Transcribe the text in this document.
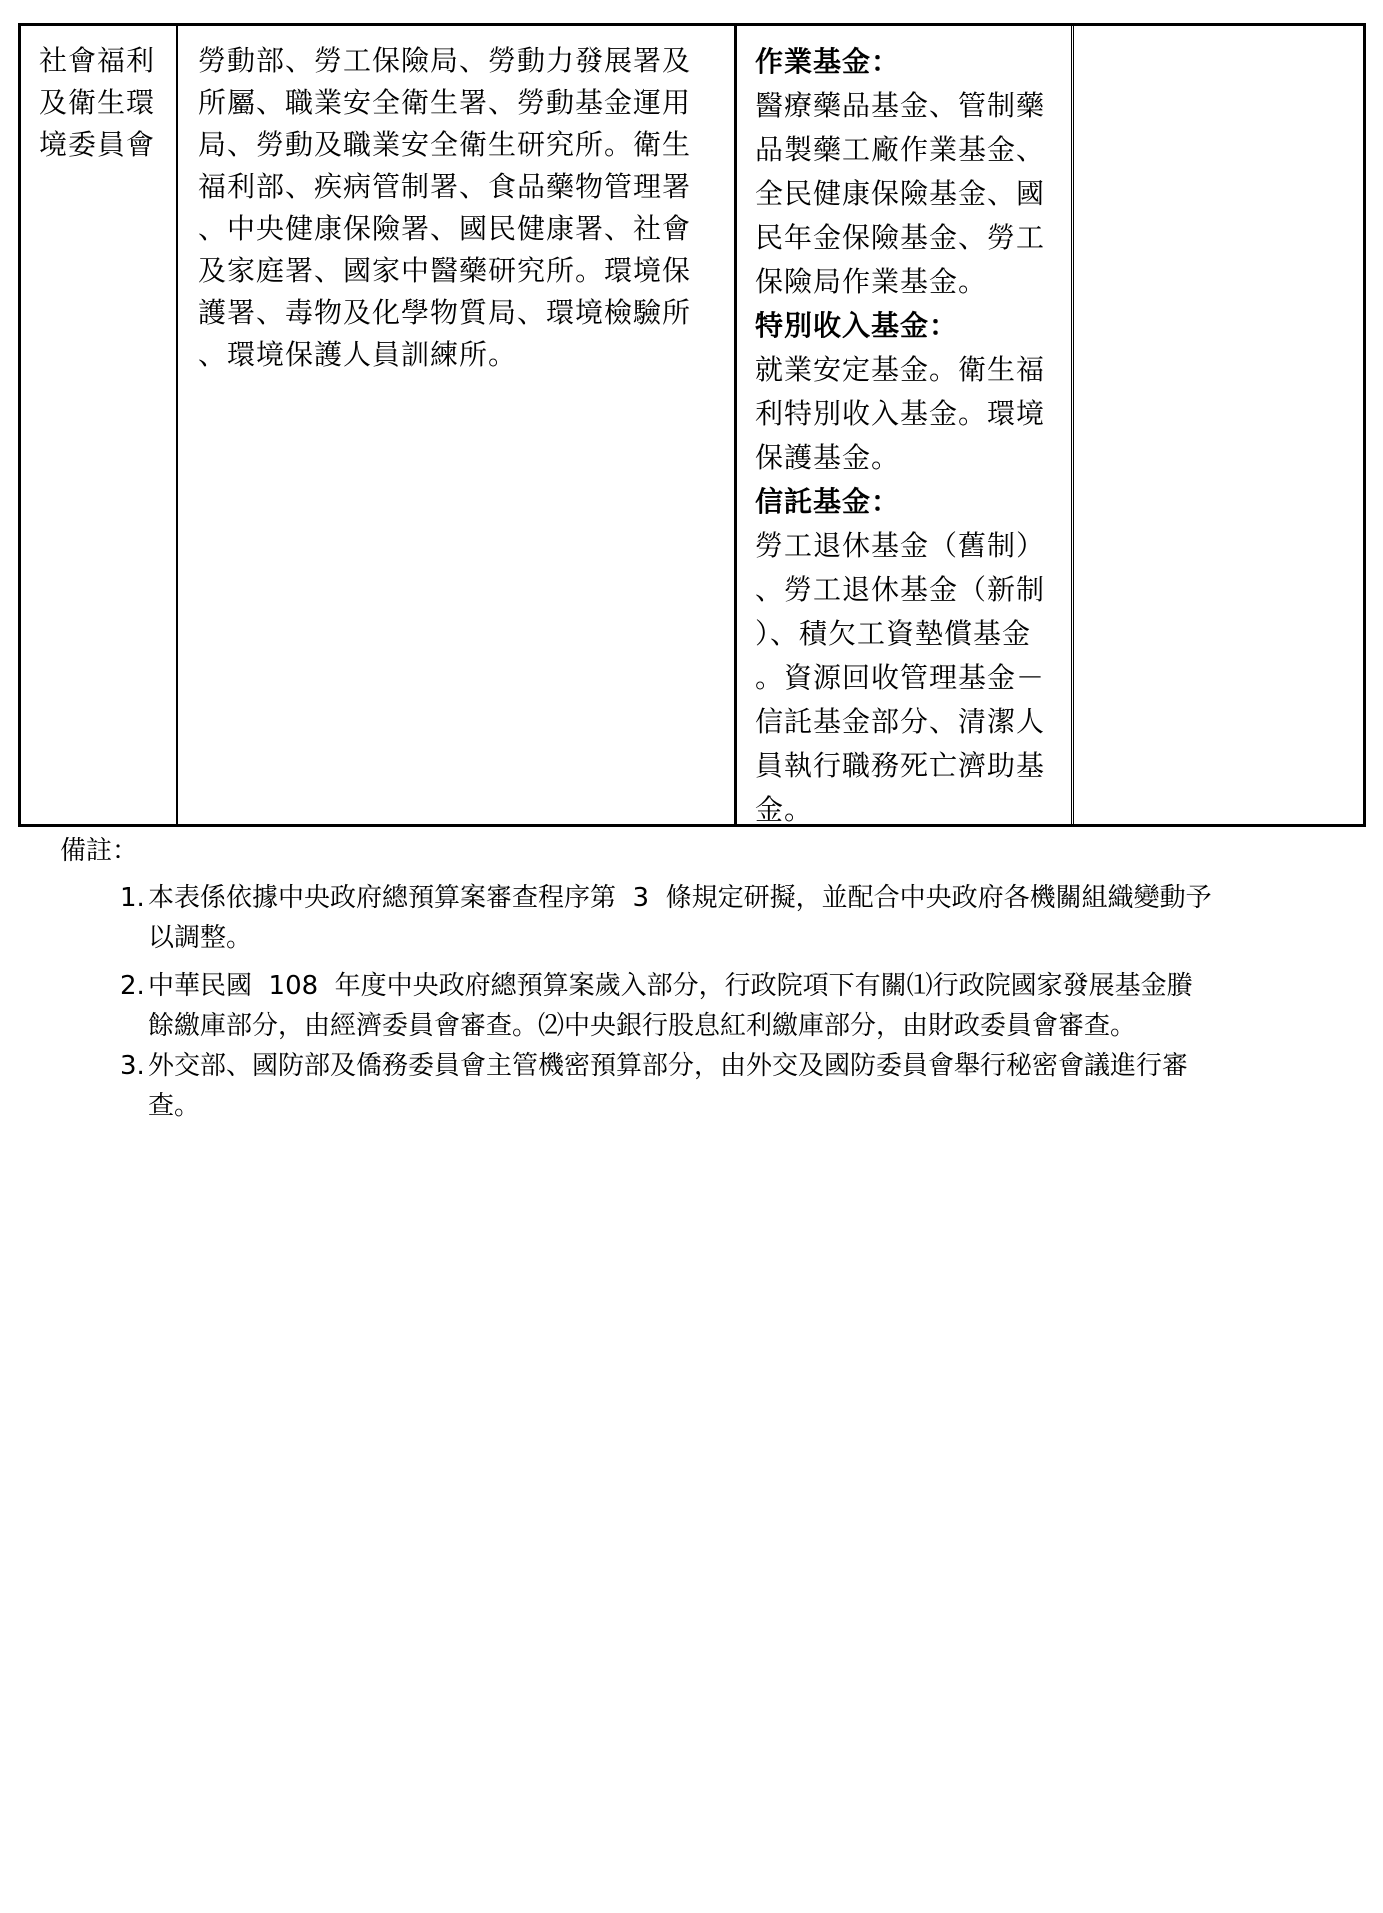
社會福利
及衛生環
境委員會
勞動部、勞工保險局、勞動力發展署及
所屬、職業安全衛生署、勞動基金運用
局、勞動及職業安全衛生研究所。衛生
福利部、疾病管制署、食品藥物管理署
、中央健康保險署、國民健康署、社會
及家庭署、國家中醫藥研究所。環境保
護署、毒物及化學物質局、環境檢驗所
、環境保護人員訓練所。
作業基金：
醫療藥品基金、管制藥
品製藥工廠作業基金、
全民健康保險基金、國
民年金保險基金、勞工
保險局作業基金。
特別收入基金：
就業安定基金。衛生福
利特別收入基金。環境
保護基金。
信託基金：
勞工退休基金（舊制）
、勞工退休基金（新制
）、積欠工資墊償基金
。資源回收管理基金－
信託基金部分、清潔人
員執行職務死亡濟助基
金。
備註：
1. 本表係依據中央政府總預算案審查程序第  3  條規定研擬，並配合中央政府各機關組織變動予
以調整。
2. 中華民國  108  年度中央政府總預算案歲入部分，行政院項下有關⑴行政院國家發展基金賸
餘繳庫部分，由經濟委員會審查。⑵中央銀行股息紅利繳庫部分，由財政委員會審查。
3. 外交部、國防部及僑務委員會主管機密預算部分，由外交及國防委員會舉行秘密會議進行審
查。
